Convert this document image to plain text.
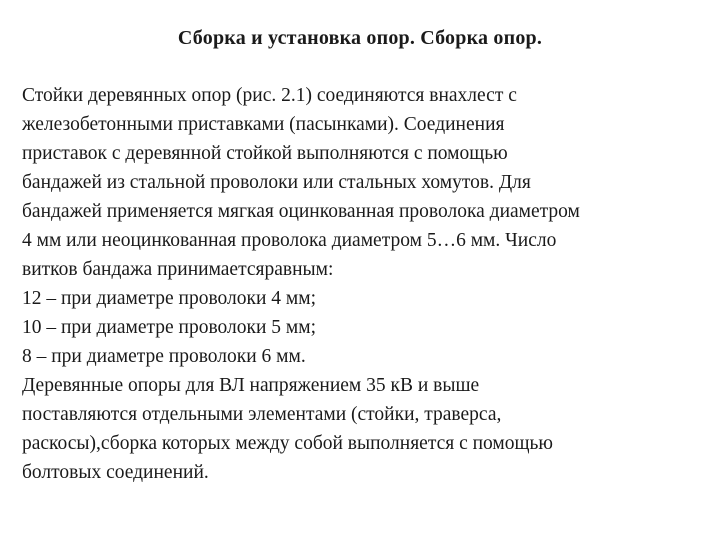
Сборка и установка опор. Сборка опор.
Стойки деревянных опор (рис. 2.1) соединяются внахлест с
железобетонными приставками (пасынками). Соединения
приставок с деревянной стойкой выполняются с помощью
бандажей из стальной проволоки или стальных хомутов. Для
бандажей применяется мягкая оцинкованная проволока диаметром
4 мм или неоцинкованная проволока диаметром 5…6 мм. Число
витков бандажа принимаетсяравным:
12 – при диаметре проволоки 4 мм;
10 – при диаметре проволоки 5 мм;
8 – при диаметре проволоки 6 мм.
Деревянные опоры для ВЛ напряжением 35 кВ и выше
поставляются отдельными элементами (стойки, траверса,
раскосы),сборка которых между собой выполняется с помощью
болтовых соединений.
